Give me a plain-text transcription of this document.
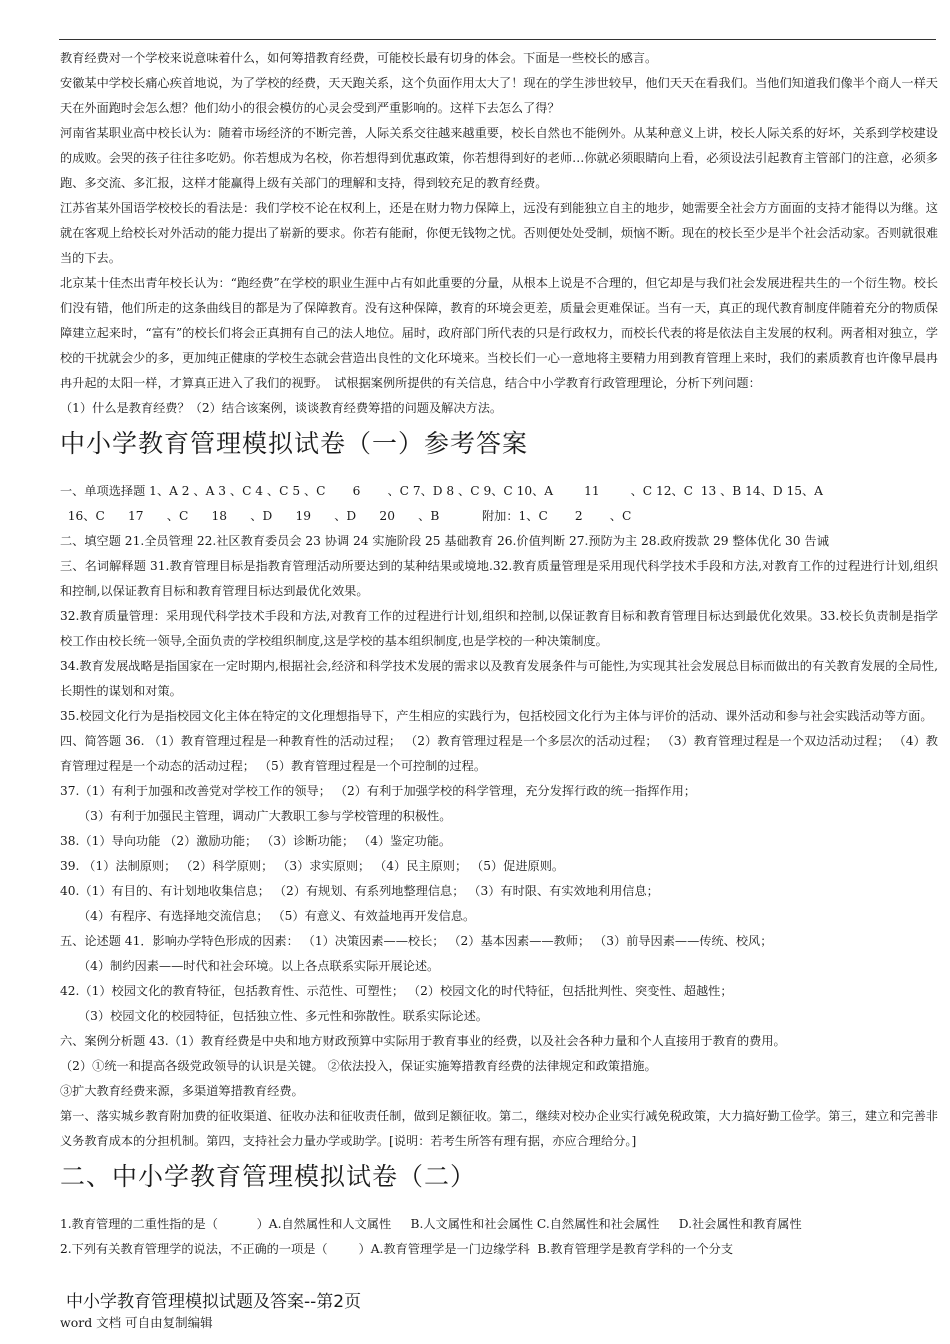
教育经费对一个学校来说意味着什么，如何筹措教育经费，可能校长最有切身的体会。下面是一些校长的感言。

安徽某中学校长痛心疾首地说，为了学校的经费，天天跑关系，这个负面作用太大了！现在的学生涉世较早，他们天天在看我们。当他们知道我们像半个商人一样天天在外面跑时会怎么想？他们幼小的很会模仿的心灵会受到严重影响的。这样下去怎么了得？

河南省某职业高中校长认为：随着市场经济的不断完善，人际关系交往越来越重要，校长自然也不能例外。从某种意义上讲，校长人际关系的好坏，关系到学校建设的成败。会哭的孩子往往多吃奶。你若想成为名校，你若想得到优惠政策，你若想得到好的老师…你就必须眼睛向上看，必须设法引起教育主管部门的注意，必须多跑、多交流、多汇报，这样才能赢得上级有关部门的理解和支持，得到较充足的教育经费。

江苏省某外国语学校校长的看法是：我们学校不论在权利上，还是在财力物力保障上，远没有到能独立自主的地步，她需要全社会方方面面的支持才能得以为继。这就在客观上给校长对外活动的能力提出了崭新的要求。你若有能耐，你便无钱物之忧。否则便处处受制，烦恼不断。现在的校长至少是半个社会活动家。否则就很难当的下去。

北京某十佳杰出青年校长认为：“跑经费”在学校的职业生涯中占有如此重要的分量，从根本上说是不合理的，但它却是与我们社会发展进程共生的一个衍生物。校长们没有错，他们所走的这条曲线目的都是为了保障教育。没有这种保障，教育的环境会更差，质量会更难保证。当有一天，真正的现代教育制度伴随着充分的物质保障建立起来时，“富有”的校长们将会正真拥有自己的法人地位。届时，政府部门所代表的只是行政权力，而校长代表的将是依法自主发展的权利。两者相对独立，学校的干扰就会少的多，更加纯正健康的学校生态就会营造出良性的文化环境来。当校长们一心一意地将主要精力用到教育管理上来时，我们的素质教育也许像早晨冉冉升起的太阳一样，才算真正进入了我们的视野。　试根据案例所提供的有关信息，结合中小学教育行政管理理论，分析下列问题：

（1）什么是教育经费？（2）结合该案例，谈谈教育经费筹措的问题及解决方法。

中小学教育管理模拟试卷（一）参考答案

一、单项选择题 1、A 2 、A 3 、C 4 、C 5 、C       6       、C 7、D 8 、C 9、C 10、A        11        、C 12、C  13 、B 14、D 15、A

16、C      17      、C      18      、D      19      、D      20      、B           附加：1、C       2       、C

二、填空题 21.全员管理 22.社区教育委员会 23 协调 24 实施阶段 25 基础教育 26.价值判断 27.预防为主 28.政府拨款 29 整体优化 30 告诫

三、名词解释题 31.教育管理目标是指教育管理活动所要达到的某种结果或境地.32.教育质量管理是采用现代科学技术手段和方法,对教育工作的过程进行计划,组织和控制,以保证教育目标和教育管理目标达到最优化效果。

32.教育质量管理：采用现代科学技术手段和方法,对教育工作的过程进行计划,组织和控制,以保证教育目标和教育管理目标达到最优化效果。33.校长负责制是指学校工作由校长统一领导,全面负责的学校组织制度,这是学校的基本组织制度,也是学校的一种决策制度。

34.教育发展战略是指国家在一定时期内,根据社会,经济和科学技术发展的需求以及教育发展条件与可能性,为实现其社会发展总目标而做出的有关教育发展的全局性,长期性的谋划和对策。

35.校园文化行为是指校园文化主体在特定的文化理想指导下，产生相应的实践行为，包括校园文化行为主体与评价的活动、课外活动和参与社会实践活动等方面。

四、简答题 36. （1）教育管理过程是一种教育性的活动过程； （2）教育管理过程是一个多层次的活动过程； （3）教育管理过程是一个双边活动过程； （4）教育管理过程是一个动态的活动过程； （5）教育管理过程是一个可控制的过程。

37.（1）有利于加强和改善党对学校工作的领导； （2）有利于加强学校的科学管理，充分发挥行政的统一指挥作用；

（3）有利于加强民主管理，调动广大教职工参与学校管理的积极性。

38.（1）导向功能 （2）激励功能； （3）诊断功能； （4）鉴定功能。

39. （1）法制原则； （2）科学原则； （3）求实原则； （4）民主原则； （5）促进原则。

40.（1）有目的、有计划地收集信息； （2）有规划、有系列地整理信息； （3）有时限、有实效地利用信息；

（4）有程序、有选择地交流信息； （5）有意义、有效益地再开发信息。

五、论述题 41．影响办学特色形成的因素： （1）决策因素——校长； （2）基本因素——教师； （3）前导因素——传统、校风；

（4）制约因素——时代和社会环境。以上各点联系实际开展论述。

42.（1）校园文化的教育特征，包括教育性、示范性、可塑性； （2）校园文化的时代特征，包括批判性、突变性、超越性；

（3）校园文化的校园特征，包括独立性、多元性和弥散性。联系实际论述。

六、案例分析题 43.（1）教育经费是中央和地方财政预算中实际用于教育事业的经费，以及社会各种力量和个人直接用于教育的费用。

（2）①统一和提高各级党政领导的认识是关键。 ②依法投入，保证实施筹措教育经费的法律规定和政策措施。

③扩大教育经费来源，多渠道筹措教育经费。

第一、落实城乡教育附加费的征收渠道、征收办法和征收责任制，做到足额征收。第二，继续对校办企业实行减免税政策，大力搞好勤工俭学。第三，建立和完善非义务教育成本的分担机制。第四，支持社会力量办学或助学。[说明：若考生所答有理有据，亦应合理给分。]

二、中小学教育管理模拟试卷（二）

1.教育管理的二重性指的是（          ）A.自然属性和人文属性     B.人文属性和社会属性 C.自然属性和社会属性     D.社会属性和教育属性

2.下列有关教育管理学的说法，不正确的一项是（        ）A.教育管理学是一门边缘学科  B.教育管理学是教育学科的一个分支

中小学教育管理模拟试题及答案--第2页
word 文档 可自由复制编辑
